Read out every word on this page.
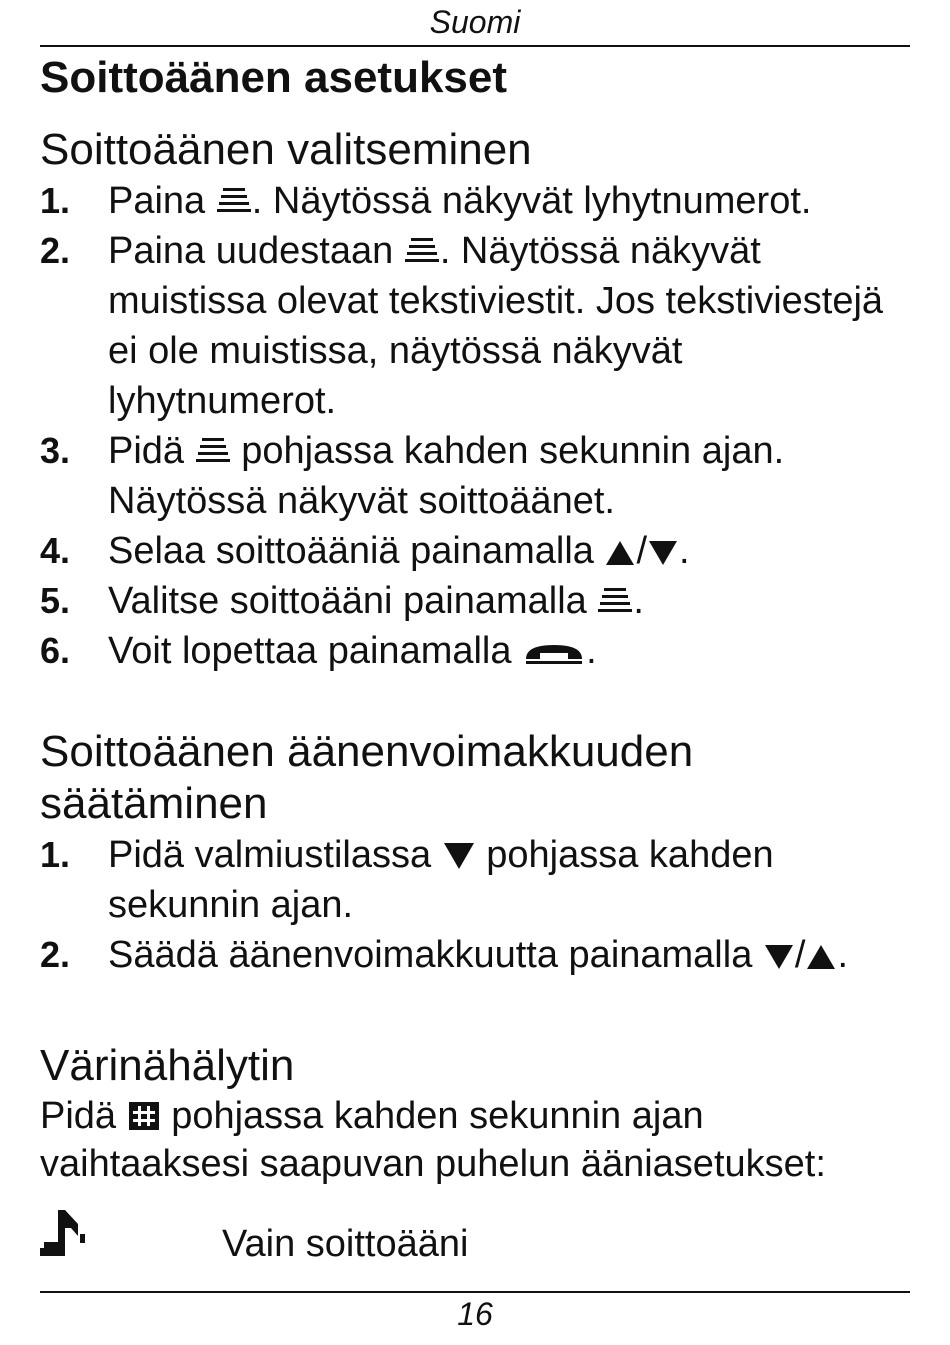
Suomi
Soittoäänen asetukset
Soittoäänen valitseminen
1. Paina . Näytössä näkyvät lyhytnumerot.
2. Paina uudestaan . Näytössä näkyvät muistissa olevat tekstiviestit. Jos tekstiviestejä ei ole muistissa, näytössä näkyvät lyhytnumerot.
3. Pidä pohjassa kahden sekunnin ajan. Näytössä näkyvät soittoäänet.
4. Selaa soittoääniä painamalla / .
5. Valitse soittoääni painamalla .
6. Voit lopettaa painamalla .
Soittoäänen äänenvoimakkuuden säätäminen
1. Pidä valmiustilassa pohjassa kahden sekunnin ajan.
2. Säädä äänenvoimakkuutta painamalla / .
Värinähälytin

Pidä pohjassa kahden sekunnin ajan vaihtaaksesi saapuvan puhelun ääniasetukset:

Vain soittoääni
16
